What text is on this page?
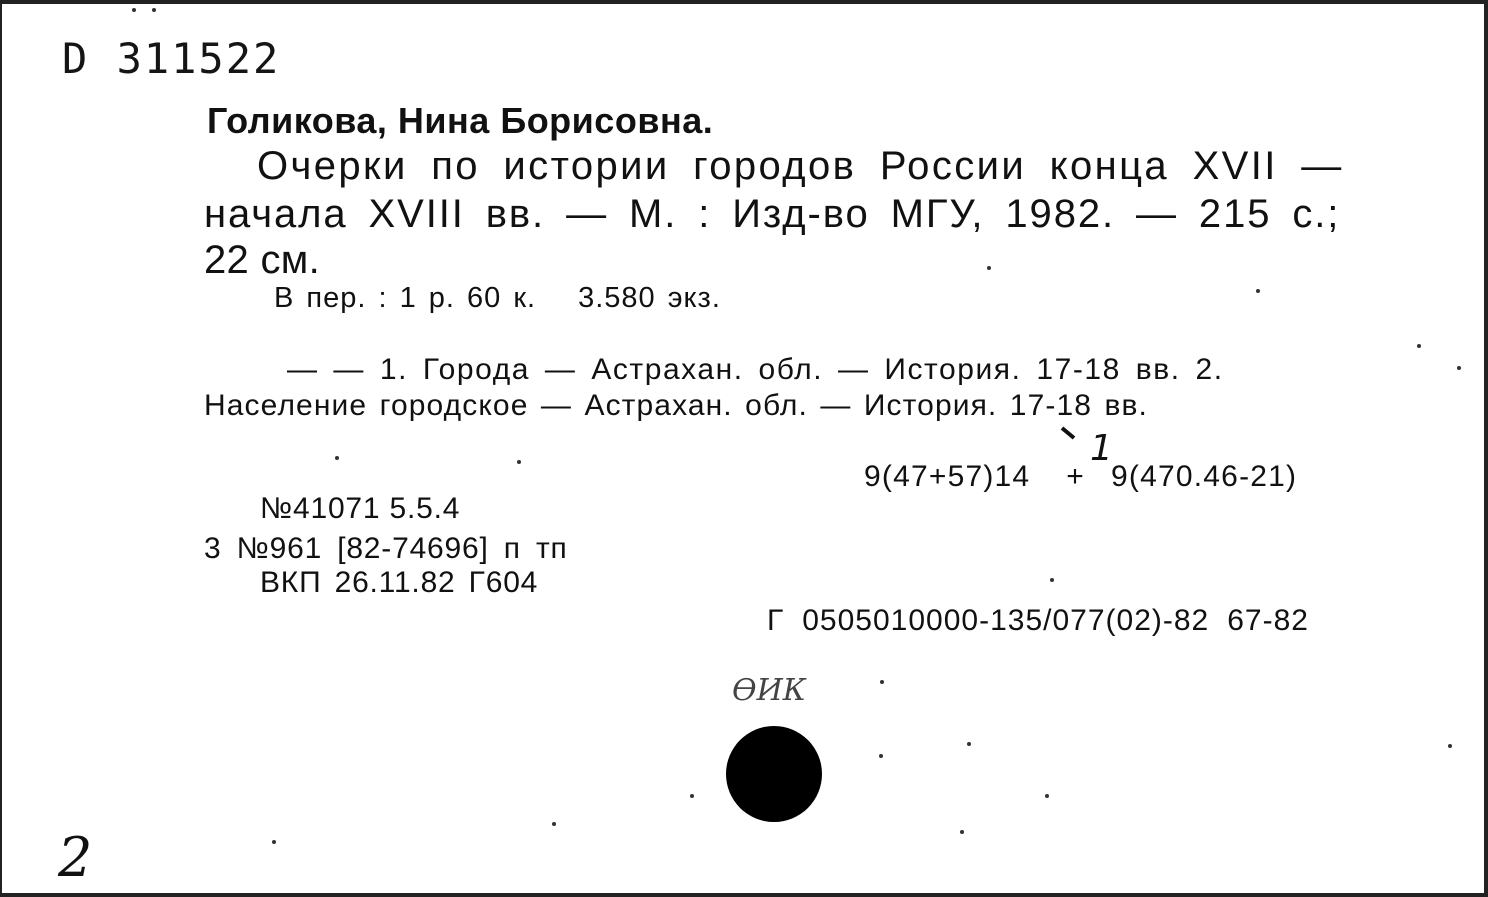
D 311522
Голикова, Нина Борисовна.
Очерки по истории городов России конца XVII —
начала XVIII вв. — М. : Изд-во МГУ, 1982. — 215 с.;
22 см.
В пер. : 1 р. 60 к. 3.580 экз.
— — 1. Города — Астрахан. обл. — История. 17-18 вв. 2.
Население городское — Астрахан. обл. — История. 17-18 вв.
1
9(47+57)14 + 9(470.46-21)
№41071 5.5.4
3 №961 [82-74696] п тп
ВКП 26.11.82 Г604
Г 0505010000-135/077(02)-82 67-82
ӨИК
2
